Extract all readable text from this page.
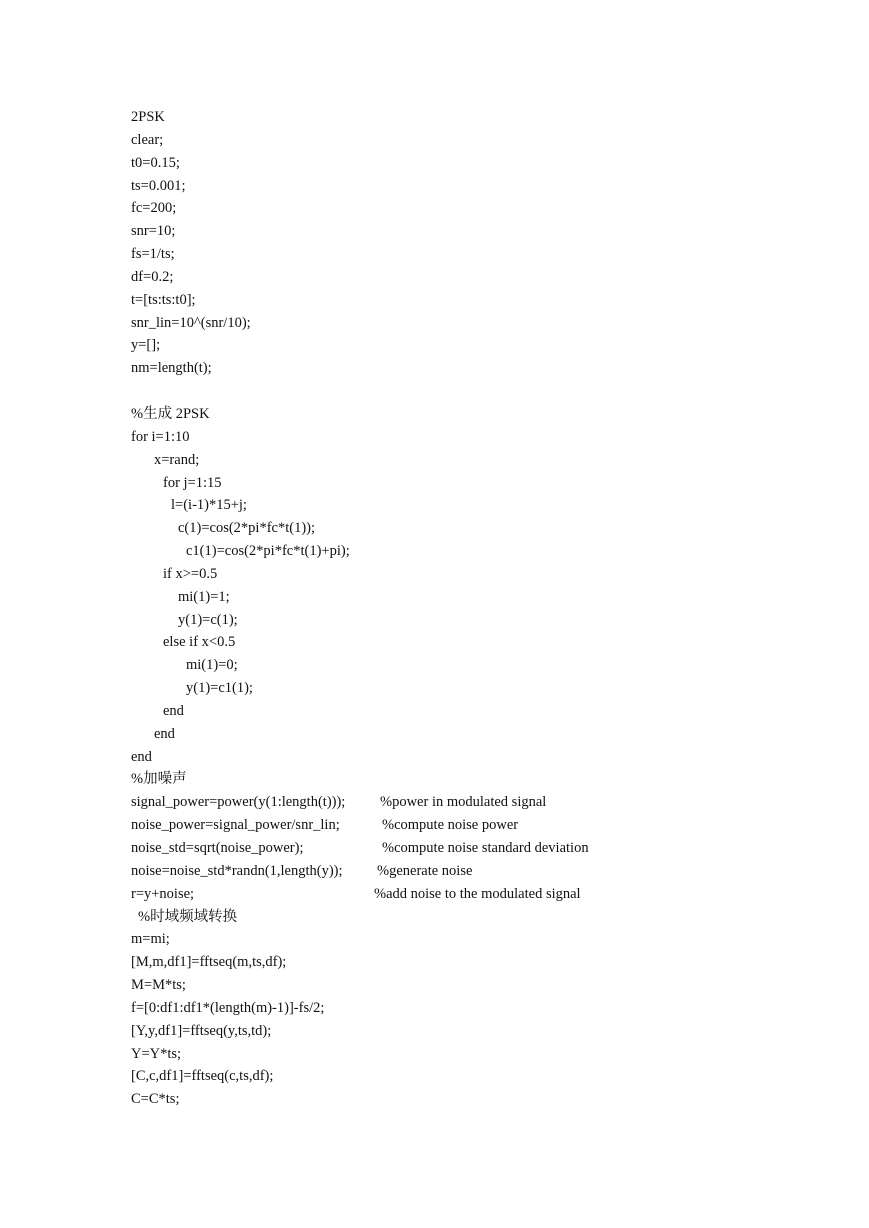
2PSK
clear;
t0=0.15;
ts=0.001;
fc=200;
snr=10;
fs=1/ts;
df=0.2;
t=[ts:ts:t0];
snr_lin=10^(snr/10);
y=[];
nm=length(t);
%生成 2PSK
for i=1:10
x=rand;
for j=1:15
l=(i-1)*15+j;
c(1)=cos(2*pi*fc*t(1));
c1(1)=cos(2*pi*fc*t(1)+pi);
if x>=0.5
mi(1)=1;
y(1)=c(1);
else if x<0.5
mi(1)=0;
y(1)=c1(1);
end
end
end
%加噪声
signal_power=power(y(1:length(t))); %power in modulated signal
noise_power=signal_power/snr_lin;	%compute noise power
noise_std=sqrt(noise_power);	%compute noise standard deviation
noise=noise_std*randn(1,length(y)); %generate noise
r=y+noise;	%add noise to the modulated signal
%时域频域转换
m=mi;
[M,m,df1]=fftseq(m,ts,df);
M=M*ts;
f=[0:df1:df1*(length(m)-1)]-fs/2;
[Y,y,df1]=fftseq(y,ts,td);
Y=Y*ts;
[C,c,df1]=fftseq(c,ts,df);
C=C*ts;
